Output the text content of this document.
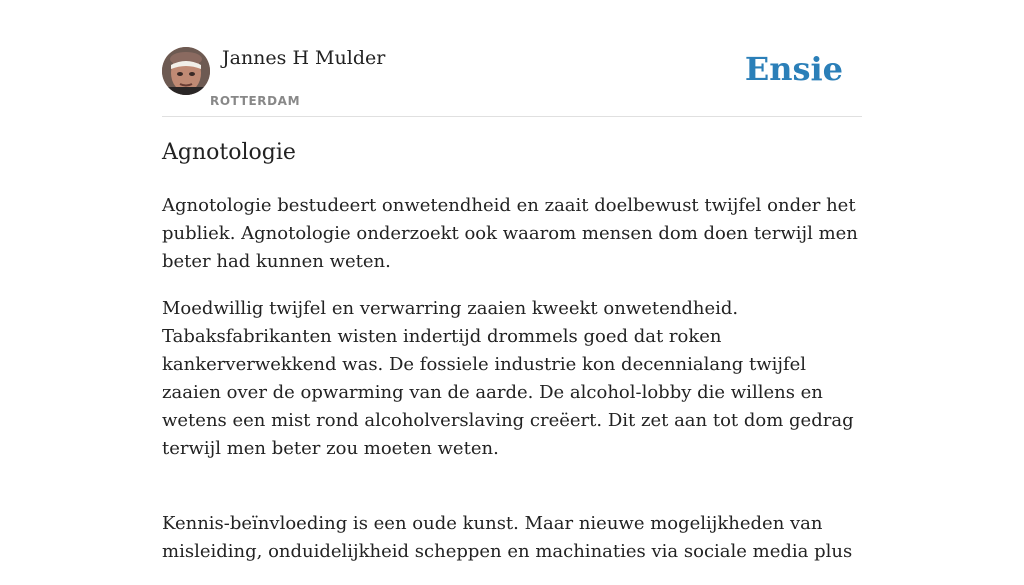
Jannes H Mulder
ROTTERDAM
Ensie
Agnotologie

Agnotologie bestudeert onwetendheid en zaait doelbewust twijfel onder het publiek. Agnotologie onderzoekt ook waarom mensen dom doen terwijl men beter had kunnen weten.

Moedwillig twijfel en verwarring zaaien kweekt onwetendheid. Tabaksfabrikanten wisten indertijd drommels goed dat roken kankerverwekkend was. De fossiele industrie kon decennialang twijfel zaaien over de opwarming van de aarde. De alcohol-lobby die willens en wetens een mist rond alcoholverslaving creëert. Dit zet aan tot dom gedrag terwijl men beter zou moeten weten.

Kennis-beïnvloeding is een oude kunst. Maar nieuwe mogelijkheden van misleiding, onduidelijkheid scheppen en machinaties via sociale media plus
